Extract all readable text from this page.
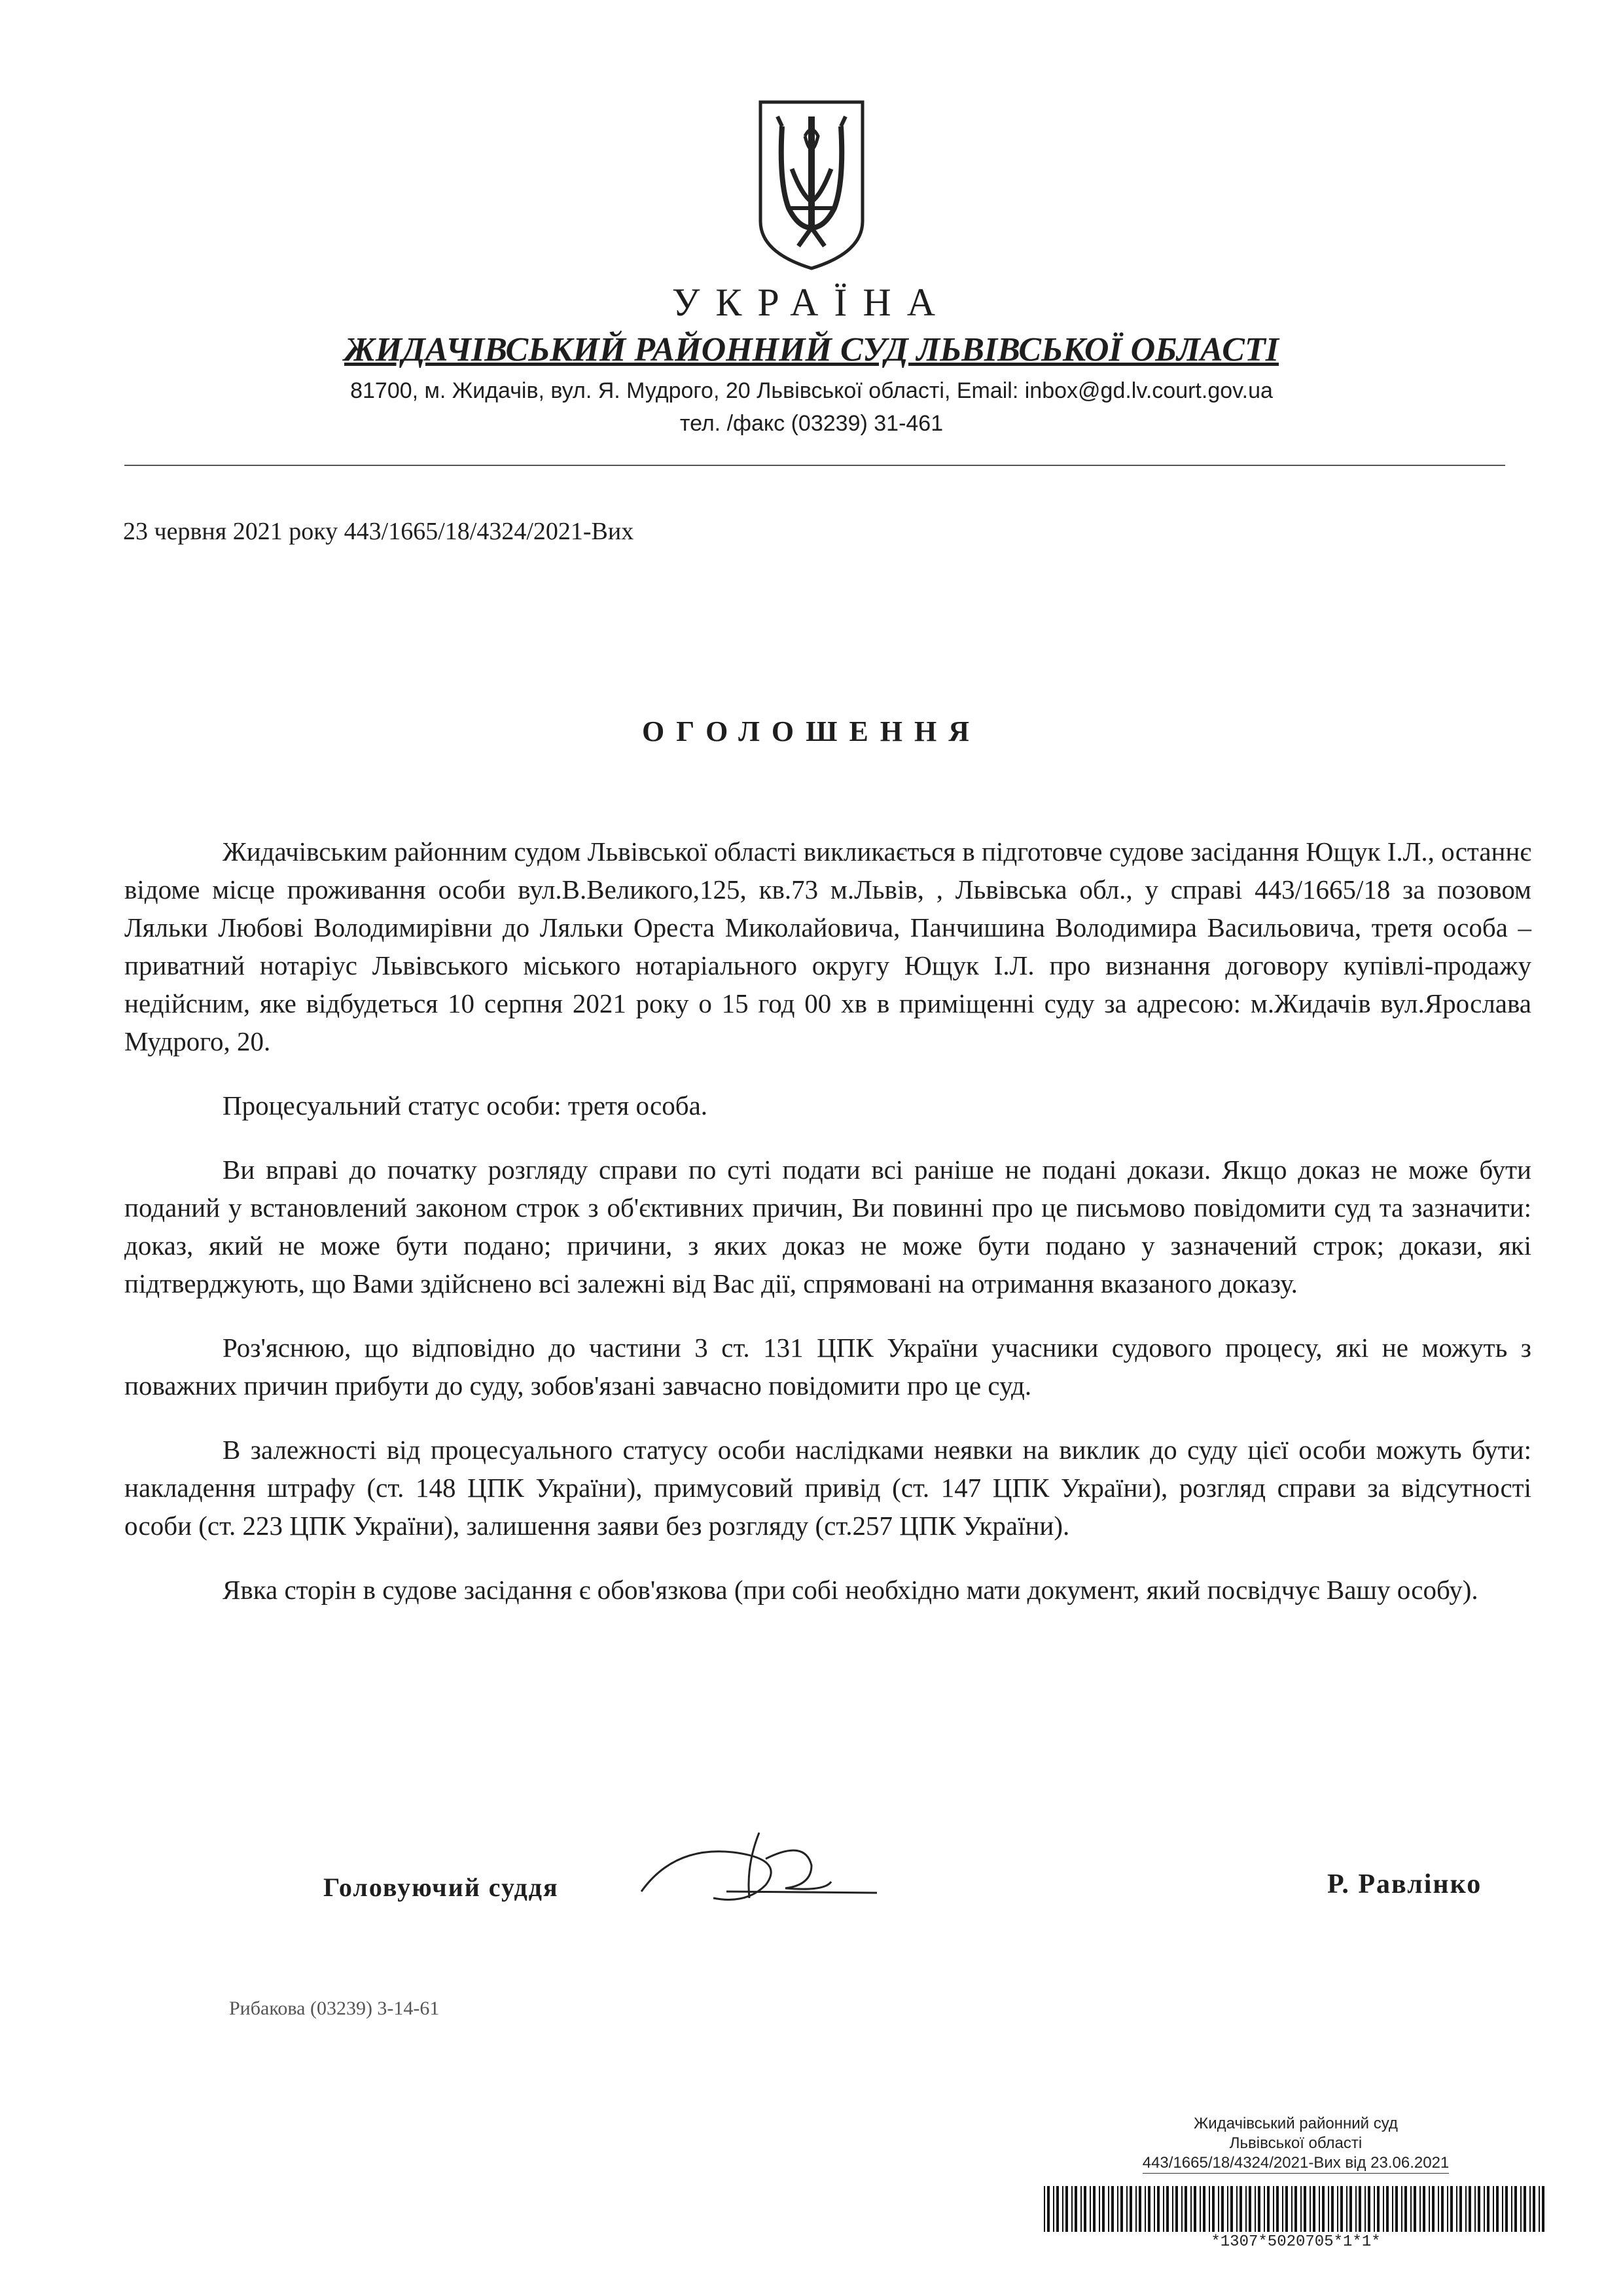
УКРАЇНА
ЖИДАЧІВСЬКИЙ РАЙОННИЙ СУД ЛЬВІВСЬКОЇ ОБЛАСТІ
81700, м. Жидачів, вул. Я. Мудрого, 20 Львівської області, Email: inbox@gd.lv.court.gov.ua
тел. /факс (03239) 31-461
23 червня 2021 року 443/1665/18/4324/2021-Вих
ОГОЛОШЕННЯ

Жидачівським районним судом Львівської області викликається в підготовче судове засідання Ющук І.Л., останнє відоме місце проживання особи вул.В.Великого,125, кв.73 м.Львів, , Львівська обл., у справі 443/1665/18 за позовом Ляльки Любові Володимирівни до Ляльки Ореста Миколайовича, Панчишина Володимира Васильовича, третя особа – приватний нотаріус Львівського міського нотаріального округу Ющук І.Л. про визнання договору купівлі-продажу недійсним, яке відбудеться 10 серпня 2021 року о 15 год 00 хв в приміщенні суду за адресою: м.Жидачів вул.Ярослава Мудрого, 20.

Процесуальний статус особи: третя особа.

Ви вправі до початку розгляду справи по суті подати всі раніше не подані докази. Якщо доказ не може бути поданий у встановлений законом строк з об'єктивних причин, Ви повинні про це письмово повідомити суд та зазначити: доказ, який не може бути подано; причини, з яких доказ не може бути подано у зазначений строк; докази, які підтверджують, що Вами здійснено всі залежні від Вас дії, спрямовані на отримання вказаного доказу.

Роз'яснюю, що відповідно до частини 3 ст. 131 ЦПК України учасники судового процесу, які не можуть з поважних причин прибути до суду, зобов'язані завчасно повідомити про це суд.

В залежності від процесуального статусу особи наслідками неявки на виклик до суду цієї особи можуть бути: накладення штрафу (ст. 148 ЦПК України), примусовий привід (ст. 147 ЦПК України), розгляд справи за відсутності особи (ст. 223 ЦПК України), залишення заяви без розгляду (ст.257 ЦПК України).

Явка сторін в судове засідання є обов'язкова (при собі необхідно мати документ, який посвідчує Вашу особу).

Головуючий суддя	Р. Равлінко
Рибакова (03239) 3-14-61
Жидачівський районний суд
Львівської області
443/1665/18/4324/2021-Вих від 23.06.2021
*1307*5020705*1*1*
